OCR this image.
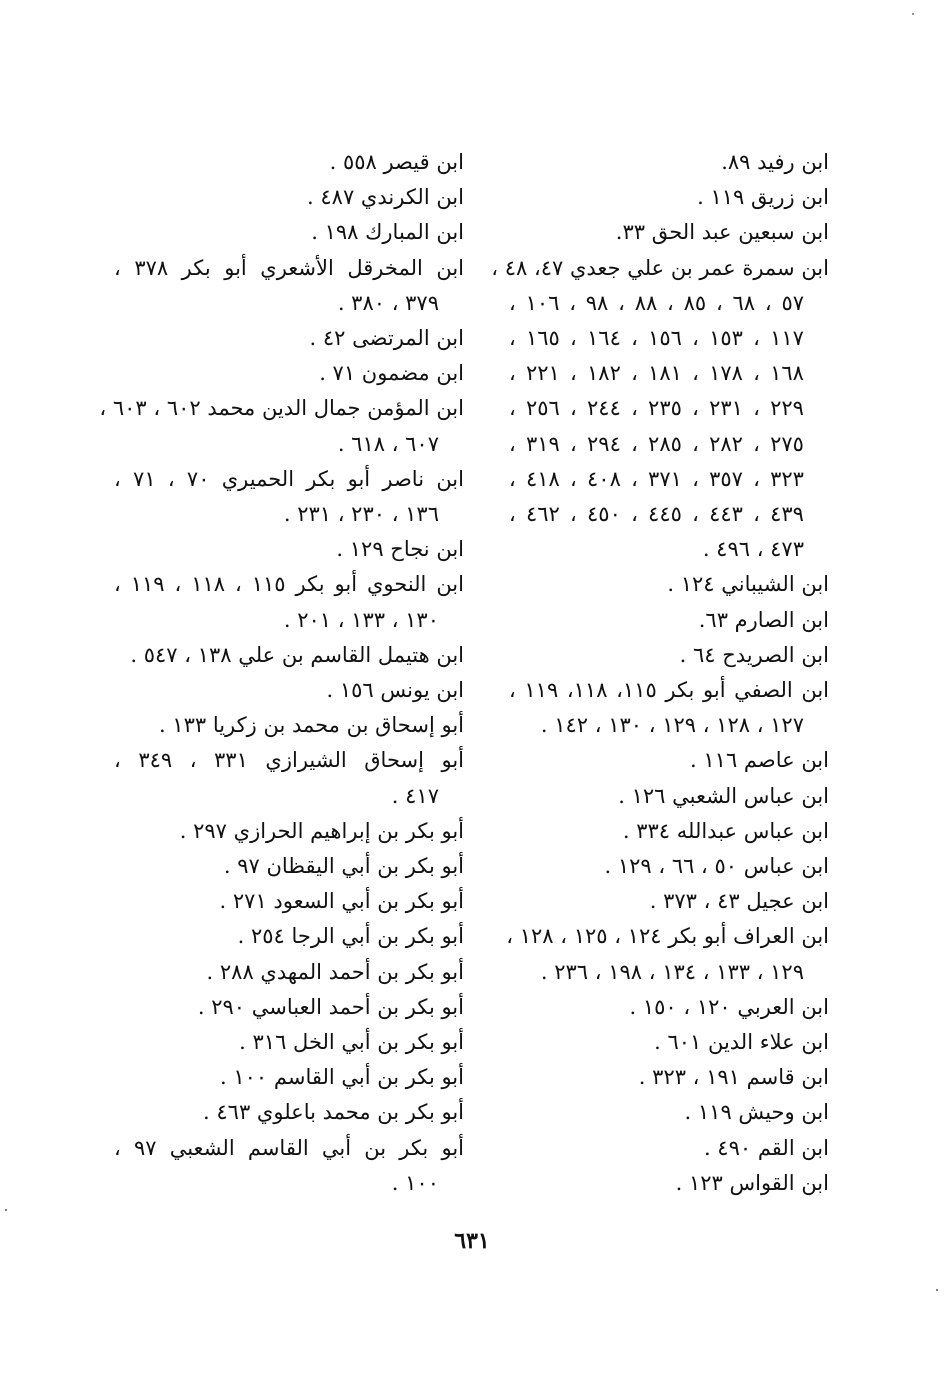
ابن رفيد ٨٩.
ابن زريق ١١٩ .
ابن سبعين عبد الحق ٣٣.
ابن سمرة عمر بن علي جعدي ٤٧، ٤٨ ،
٥٧ ، ٦٨ ، ٨٥ ، ٨٨ ، ٩٨ ، ١٠٦ ،
١١٧ ، ١٥٣ ، ١٥٦ ، ١٦٤ ، ١٦٥ ،
١٦٨ ، ١٧٨ ، ١٨١ ، ١٨٢ ، ٢٢١ ،
٢٢٩ ، ٢٣١ ، ٢٣٥ ، ٢٤٤ ، ٢٥٦ ،
٢٧٥ ، ٢٨٢ ، ٢٨٥ ، ٢٩٤ ، ٣١٩ ،
٣٢٣ ، ٣٥٧ ، ٣٧١ ، ٤٠٨ ، ٤١٨ ،
٤٣٩ ، ٤٤٣ ، ٤٤٥ ، ٤٥٠ ، ٤٦٢ ،
٤٧٣ ، ٤٩٦ .
ابن الشيباني ١٢٤ .
ابن الصارم ٦٣.
ابن الصريدح ٦٤ .
ابن الصفي أبو بكر ١١٥، ١١٨، ١١٩ ،
١٢٧ ، ١٢٨ ، ١٢٩ ، ١٣٠ ، ١٤٢ .
ابن عاصم ١١٦ .
ابن عباس الشعبي ١٢٦ .
ابن عباس عبدالله ٣٣٤ .
ابن عباس ٥٠ ، ٦٦ ، ١٢٩ .
ابن عجيل ٤٣ ، ٣٧٣ .
ابن العراف أبو بكر ١٢٤ ، ١٢٥ ، ١٢٨ ،
١٢٩ ، ١٣٣ ، ١٣٤ ، ١٩٨ ، ٢٣٦ .
ابن العربي ١٢٠ ، ١٥٠ .
ابن علاء الدين ٦٠١ .
ابن قاسم ١٩١ ، ٣٢٣ .
ابن وحيش ١١٩ .
ابن القم ٤٩٠ .
ابن القواس ١٢٣ .
ابن قيصر ٥٥٨ .
ابن الكرندي ٤٨٧ .
ابن المبارك ١٩٨ .
ابن المخرقل الأشعري أبو بكر ٣٧٨ ،
٣٧٩ ، ٣٨٠ .
ابن المرتضى ٤٢ .
ابن مضمون ٧١ .
ابن المؤمن جمال الدين محمد ٦٠٢ ، ٦٠٣ ،
٦٠٧ ، ٦١٨ .
ابن ناصر أبو بكر الحميري ٧٠ ، ٧١ ،
١٣٦ ، ٢٣٠ ، ٢٣١ .
ابن نجاح ١٢٩ .
ابن النحوي أبو بكر ١١٥ ، ١١٨ ، ١١٩ ،
١٣٠ ، ١٣٣ ، ٢٠١ .
ابن هتيمل القاسم بن علي ١٣٨ ، ٥٤٧ .
ابن يونس ١٥٦ .
أبو إسحاق بن محمد بن زكريا ١٣٣ .
أبو إسحاق الشيرازي ٣٣١ ، ٣٤٩ ،
٤١٧ .
أبو بكر بن إبراهيم الحرازي ٢٩٧ .
أبو بكر بن أبي اليقظان ٩٧ .
أبو بكر بن أبي السعود ٢٧١ .
أبو بكر بن أبي الرجا ٢٥٤ .
أبو بكر بن أحمد المهدي ٢٨٨ .
أبو بكر بن أحمد العباسي ٢٩٠ .
أبو بكر بن أبي الخل ٣١٦ .
أبو بكر بن أبي القاسم ١٠٠ .
أبو بكر بن محمد باعلوي ٤٦٣ .
أبو بكر بن أبي القاسم الشعبي ٩٧ ،
١٠٠ .
٦٣١
